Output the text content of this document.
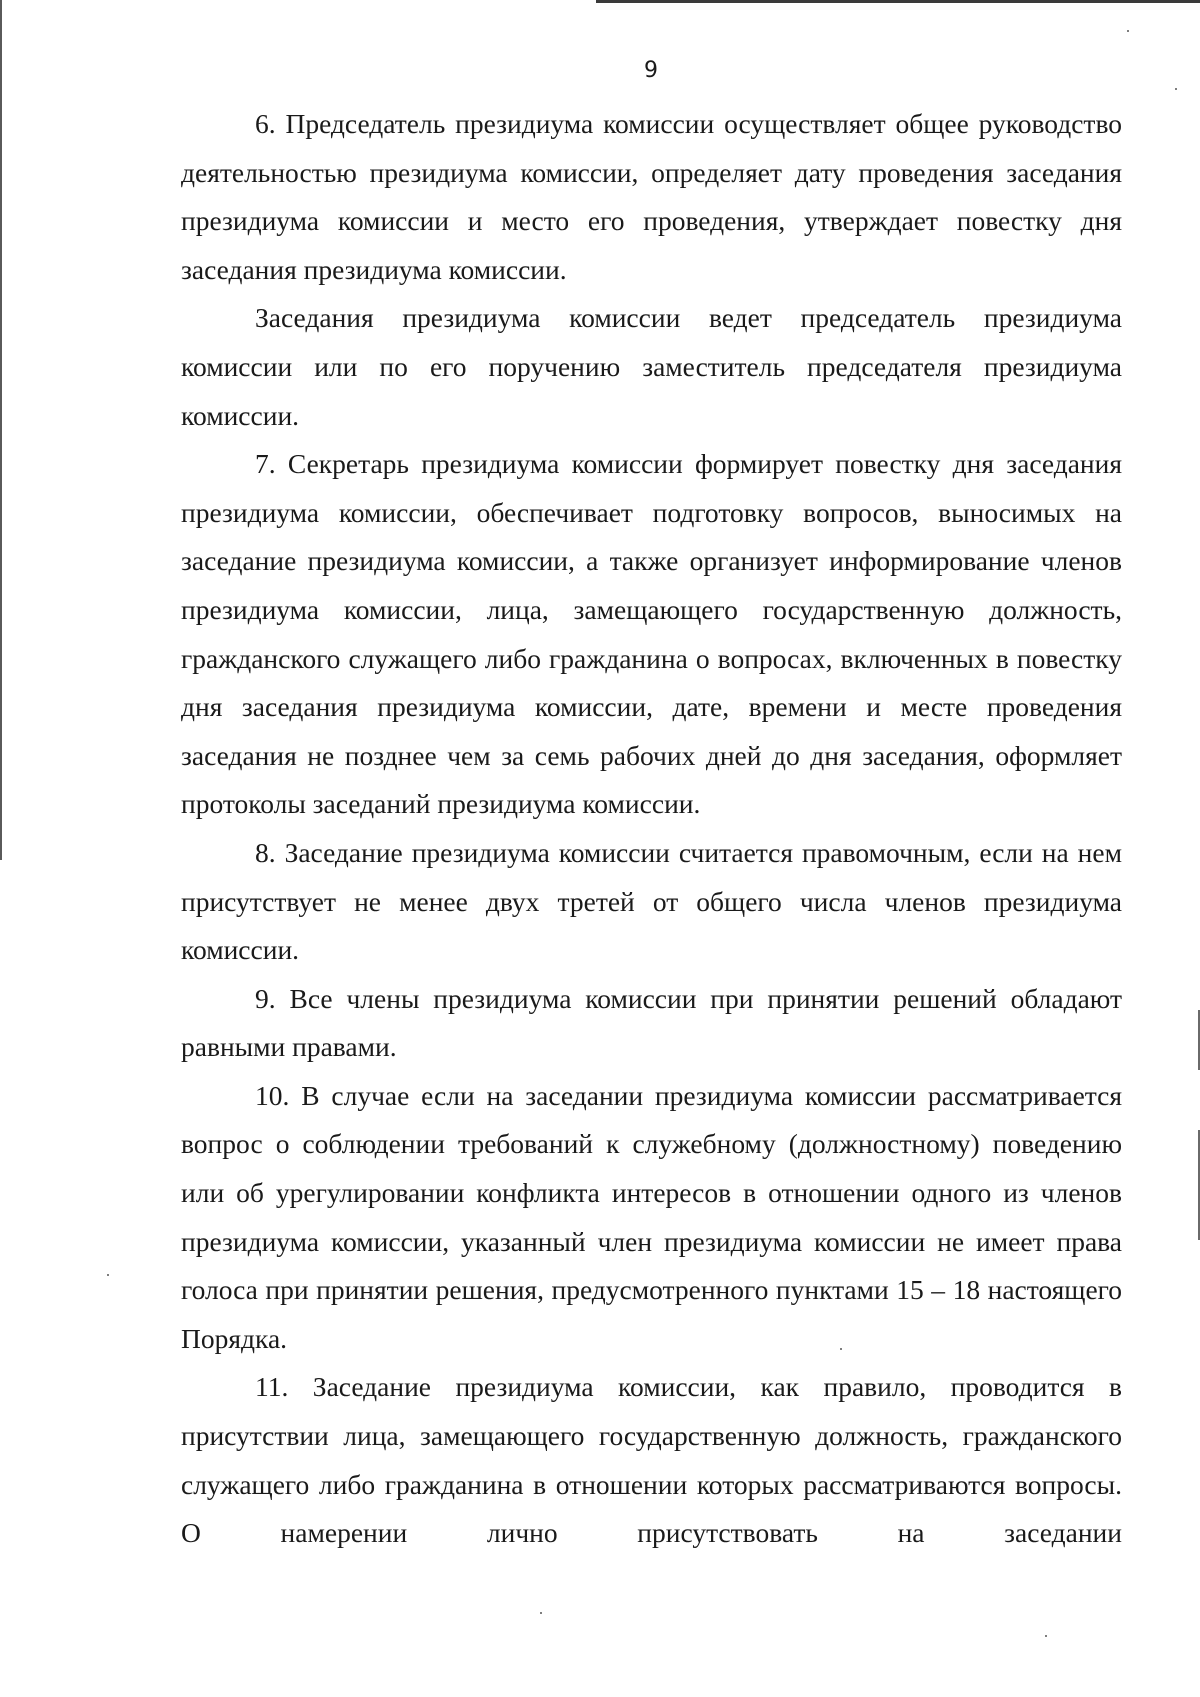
9

6. Председатель президиума комиссии осуществляет общее руководство деятельностью президиума комиссии, определяет дату проведения заседания президиума комиссии и место его проведения, утверждает повестку дня заседания президиума комиссии.

Заседания президиума комиссии ведет председатель президиума комиссии или по его поручению заместитель председателя президиума комиссии.

7. Секретарь президиума комиссии формирует повестку дня заседания президиума комиссии, обеспечивает подготовку вопросов, выносимых на заседание президиума комиссии, а также организует информирование членов президиума комиссии, лица, замещающего государственную должность, гражданского служащего либо гражданина о вопросах, включенных в повестку дня заседания президиума комиссии, дате, времени и месте проведения заседания не позднее чем за семь рабочих дней до дня заседания, оформляет протоколы заседаний президиума комиссии.

8. Заседание президиума комиссии считается правомочным, если на нем присутствует не менее двух третей от общего числа членов президиума комиссии.

9. Все члены президиума комиссии при принятии решений обладают равными правами.

10. В случае если на заседании президиума комиссии рассматривается вопрос о соблюдении требований к служебному (должностному) поведению или об урегулировании конфликта интересов в отношении одного из членов президиума комиссии, указанный член президиума комиссии не имеет права голоса при принятии решения, предусмотренного пунктами 15 – 18 настоящего Порядка.

11. Заседание президиума комиссии, как правило, проводится в присутствии лица, замещающего государственную должность, гражданского служащего либо гражданина в отношении которых рассматриваются вопросы. О намерении лично присутствовать на заседании
